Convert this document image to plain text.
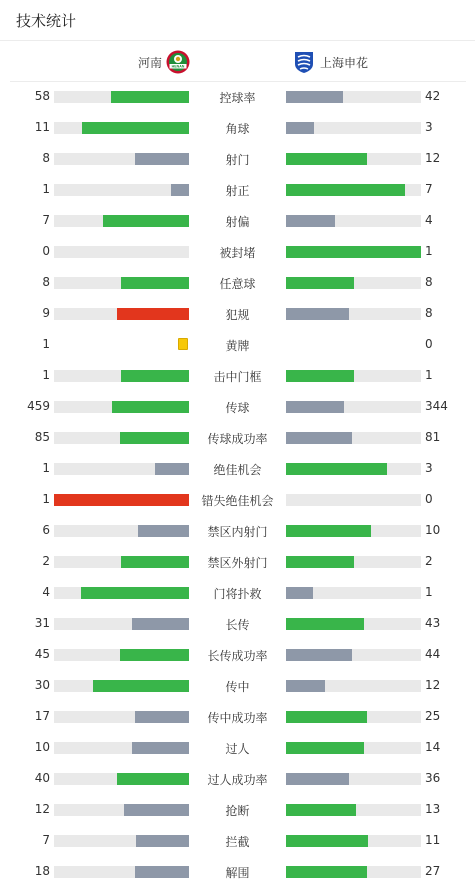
技术统计
河南	HENAN	上海申花
58	控球率	42
11	角球	3
8	射门	12
1	射正	7
7	射偏	4
0	被封堵	1
8	任意球	8
9	犯规	8
1	黄牌	0
1	击中门框	1
459	传球	344
85	传球成功率	81
1	绝佳机会	3
1	错失绝佳机会	0
6	禁区内射门	10
2	禁区外射门	2
4	门将扑救	1
31	长传	43
45	长传成功率	44
30	传中	12
17	传中成功率	25
10	过人	14
40	过人成功率	36
12	抢断	13
7	拦截	11
18	解围	27
